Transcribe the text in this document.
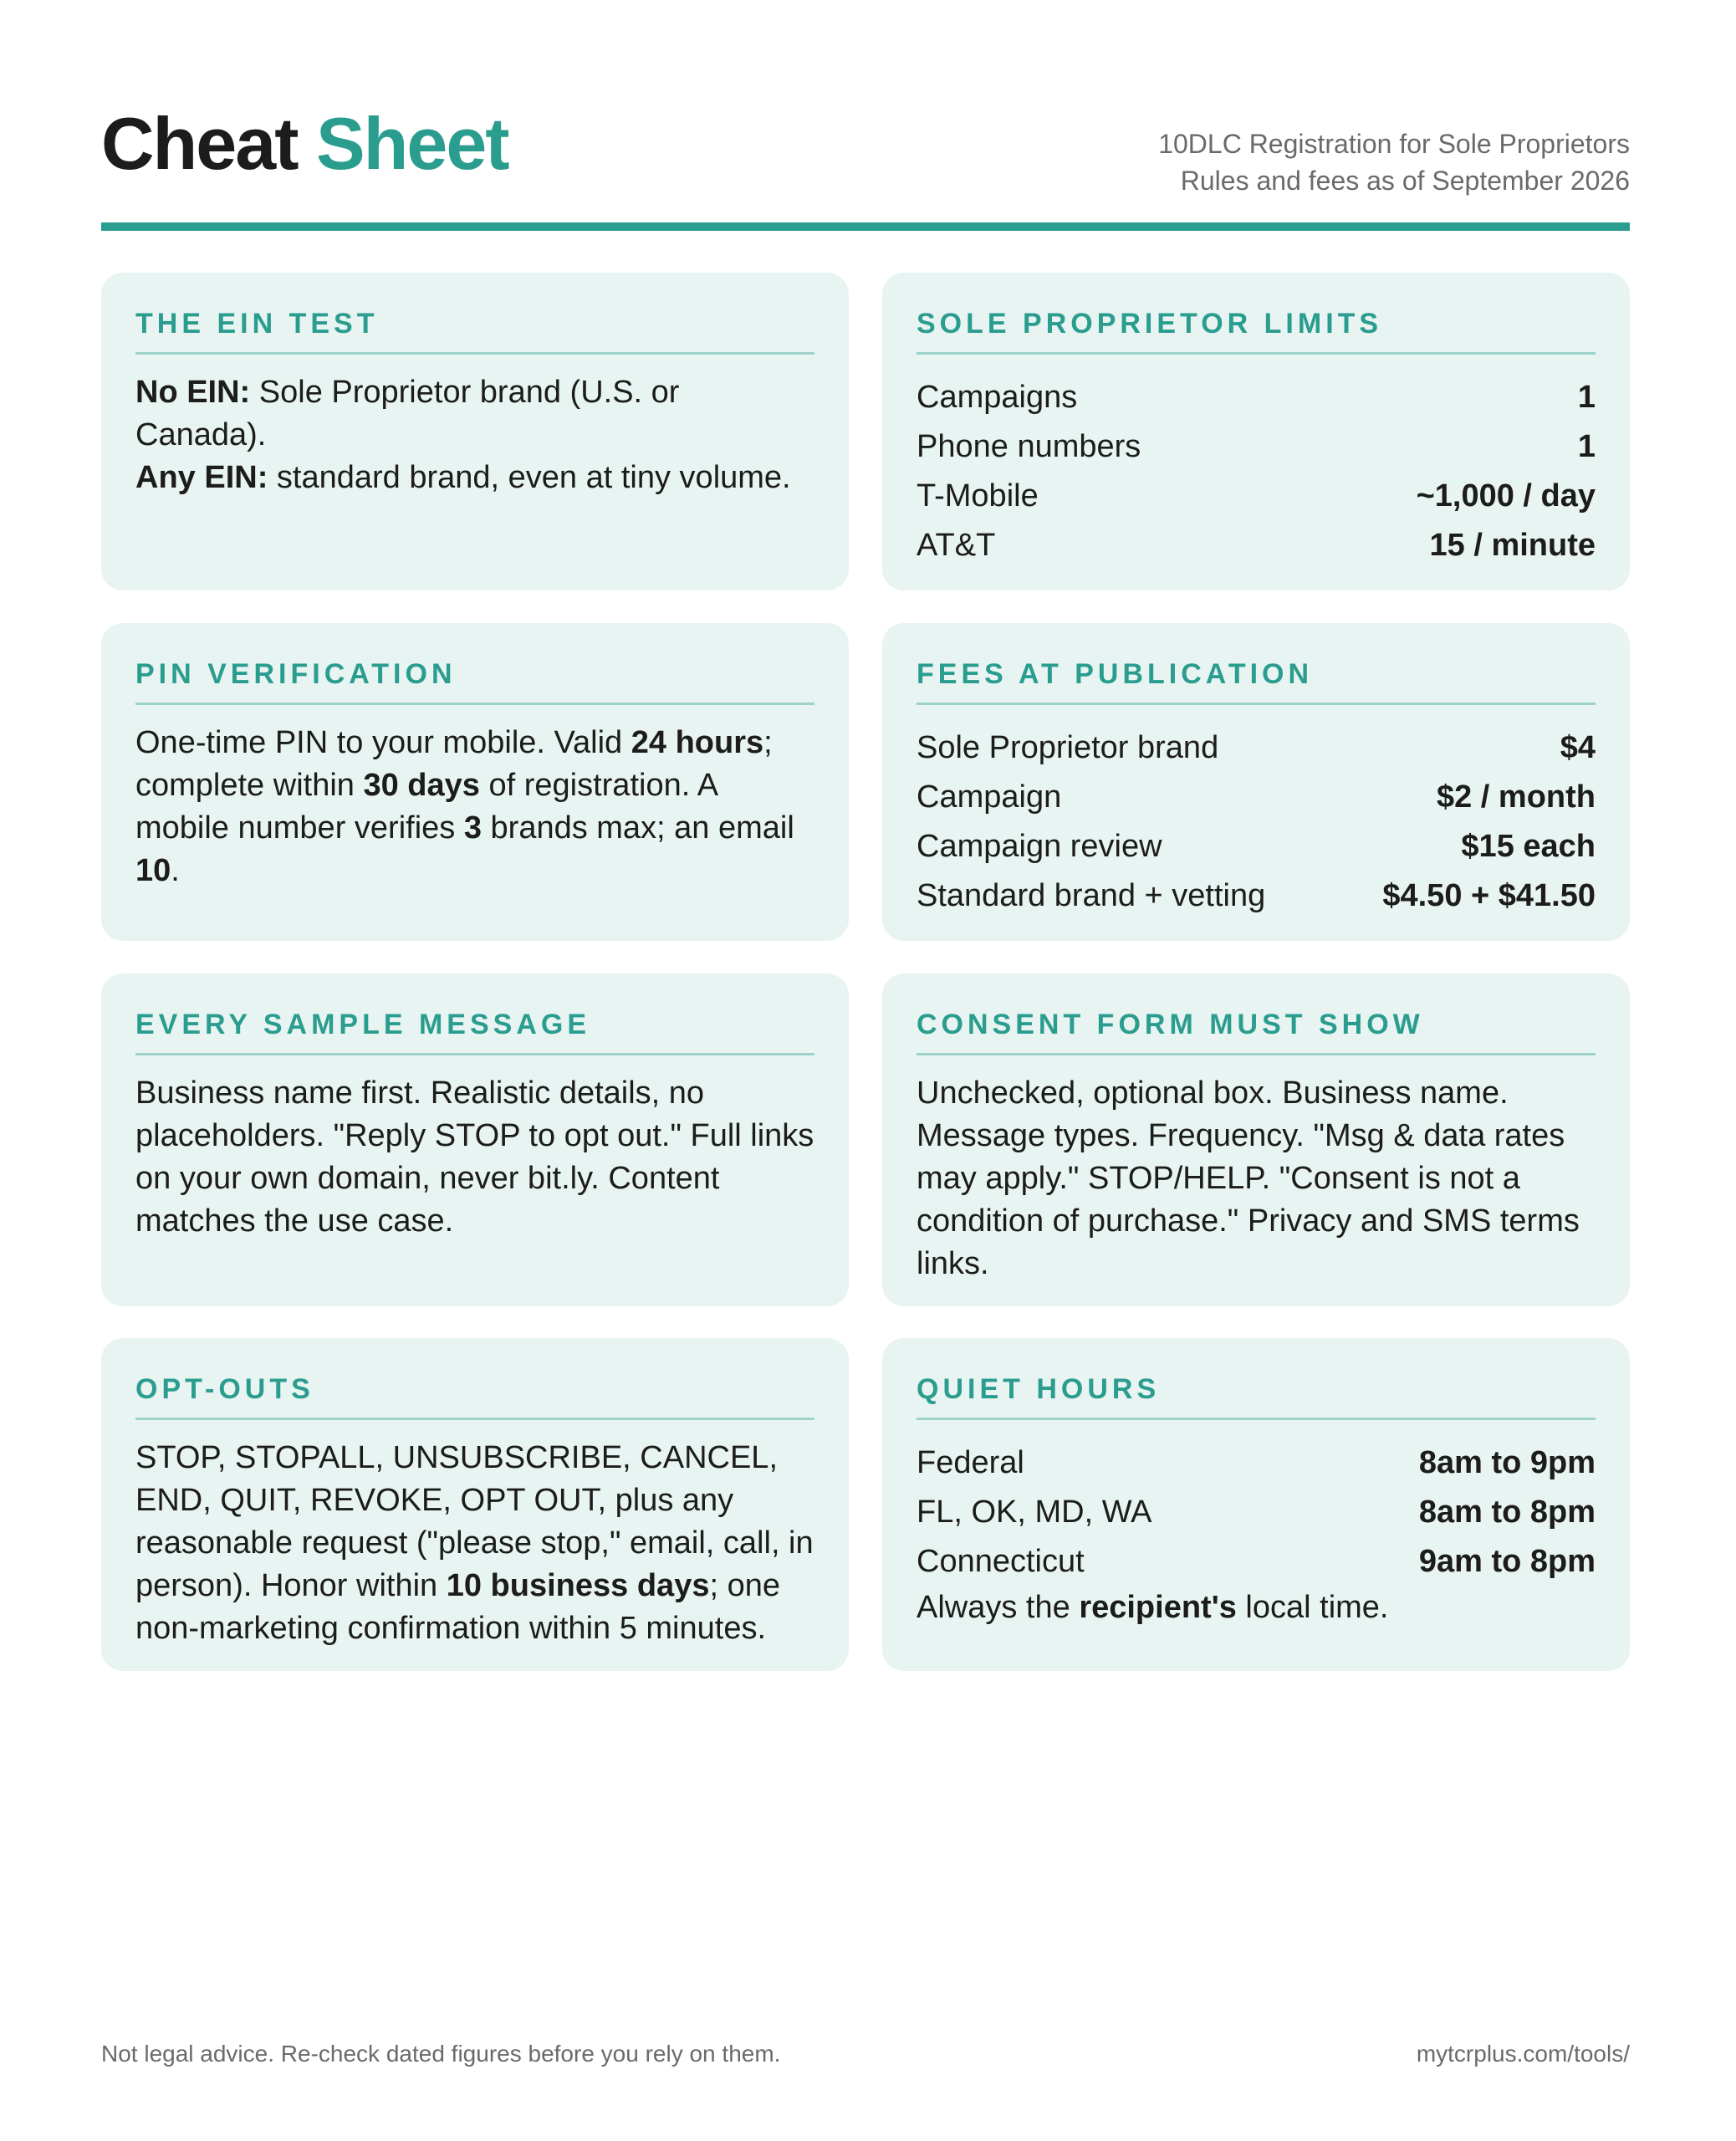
Cheat Sheet	10DLC Registration for Sole Proprietors
Rules and fees as of September 2026
THE EIN TEST

No EIN: Sole Proprietor brand (U.S. or Canada).

Any EIN: standard brand, even at tiny volume.

SOLE PROPRIETOR LIMITS
Campaigns	1
Phone numbers	1
T-Mobile	~1,000 / day
AT&T	15 / minute
PIN VERIFICATION

One-time PIN to your mobile. Valid 24 hours; complete within 30 days of registration. A mobile number verifies 3 brands max; an email 10.

FEES AT PUBLICATION
Sole Proprietor brand	$4
Campaign	$2 / month
Campaign review	$15 each
Standard brand + vetting	$4.50 + $41.50
EVERY SAMPLE MESSAGE

Business name first. Realistic details, no placeholders. "Reply STOP to opt out." Full links on your own domain, never bit.ly. Content matches the use case.

CONSENT FORM MUST SHOW

Unchecked, optional box. Business name. Message types. Frequency. "Msg & data rates may apply." STOP/HELP. "Consent is not a condition of purchase." Privacy and SMS terms links.

OPT-OUTS

STOP, STOPALL, UNSUBSCRIBE, CANCEL, END, QUIT, REVOKE, OPT OUT, plus any reasonable request ("please stop," email, call, in person). Honor within 10 business days; one non-marketing confirmation within 5 minutes.

QUIET HOURS
Federal	8am to 9pm
FL, OK, MD, WA	8am to 8pm
Connecticut	9am to 8pm
Always the recipient's local time.
Not legal advice. Re-check dated figures before you rely on them.	mytcrplus.com/tools/
